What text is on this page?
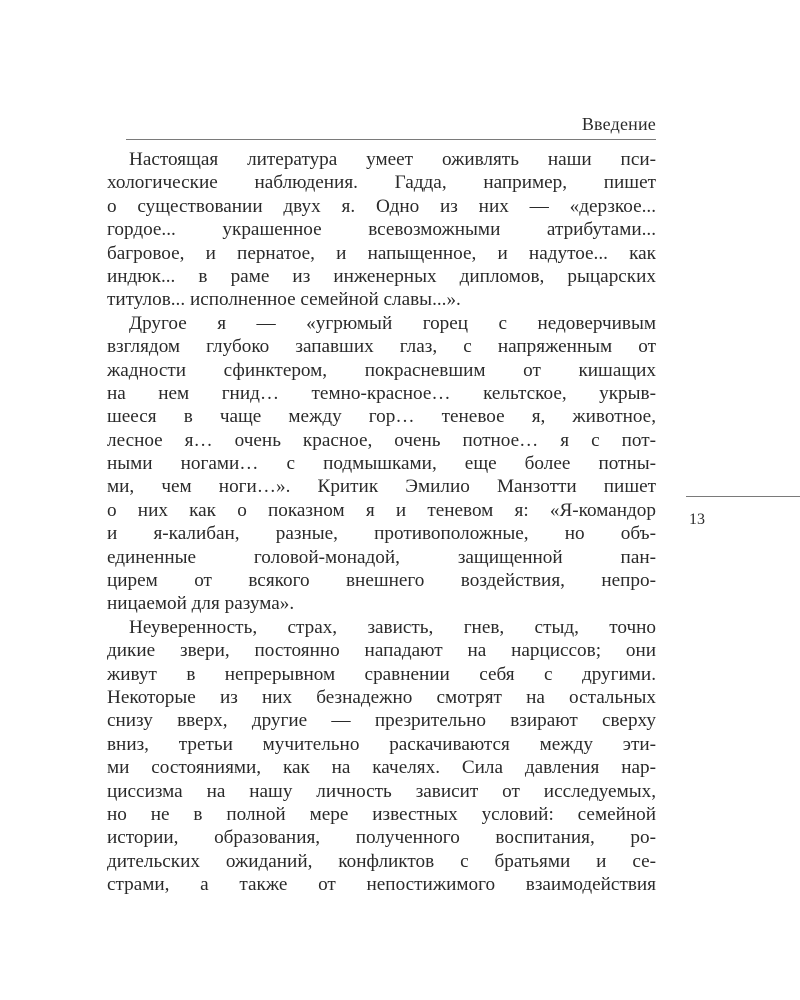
Введение
13
Настоящая литература умеет оживлять наши пси-
хологические наблюдения. Гадда, например, пишет
о существовании двух я. Одно из них — «дерзкое...
гордое... украшенное всевозможными атрибутами...
багровое, и пернатое, и напыщенное, и надутое... как
индюк... в раме из инженерных дипломов, рыцарских
титулов... исполненное семейной славы...».
Другое я — «угрюмый горец с недоверчивым
взглядом глубоко запавших глаз, с напряженным от
жадности сфинктером, покрасневшим от кишащих
на нем гнид… темно-красное… кельтское, укрыв-
шееся в чаще между гор… теневое я, животное,
лесное я… очень красное, очень потное… я с пот-
ными ногами… с подмышками, еще более потны-
ми, чем ноги…». Критик Эмилио Манзотти пишет
о них как о показном я и теневом я: «Я-командор
и я-калибан, разные, противоположные, но объ-
единенные головой-монадой, защищенной пан-
цирем от всякого внешнего воздействия, непро-
ницаемой для разума».
Неуверенность, страх, зависть, гнев, стыд, точно
дикие звери, постоянно нападают на нарциссов; они
живут в непрерывном сравнении себя с другими.
Некоторые из них безнадежно смотрят на остальных
снизу вверх, другие — презрительно взирают сверху
вниз, третьи мучительно раскачиваются между эти-
ми состояниями, как на качелях. Сила давления нар-
циссизма на нашу личность зависит от исследуемых,
но не в полной мере известных условий: семейной
истории, образования, полученного воспитания, ро-
дительских ожиданий, конфликтов с братьями и се-
страми, а также от непостижимого взаимодействия
